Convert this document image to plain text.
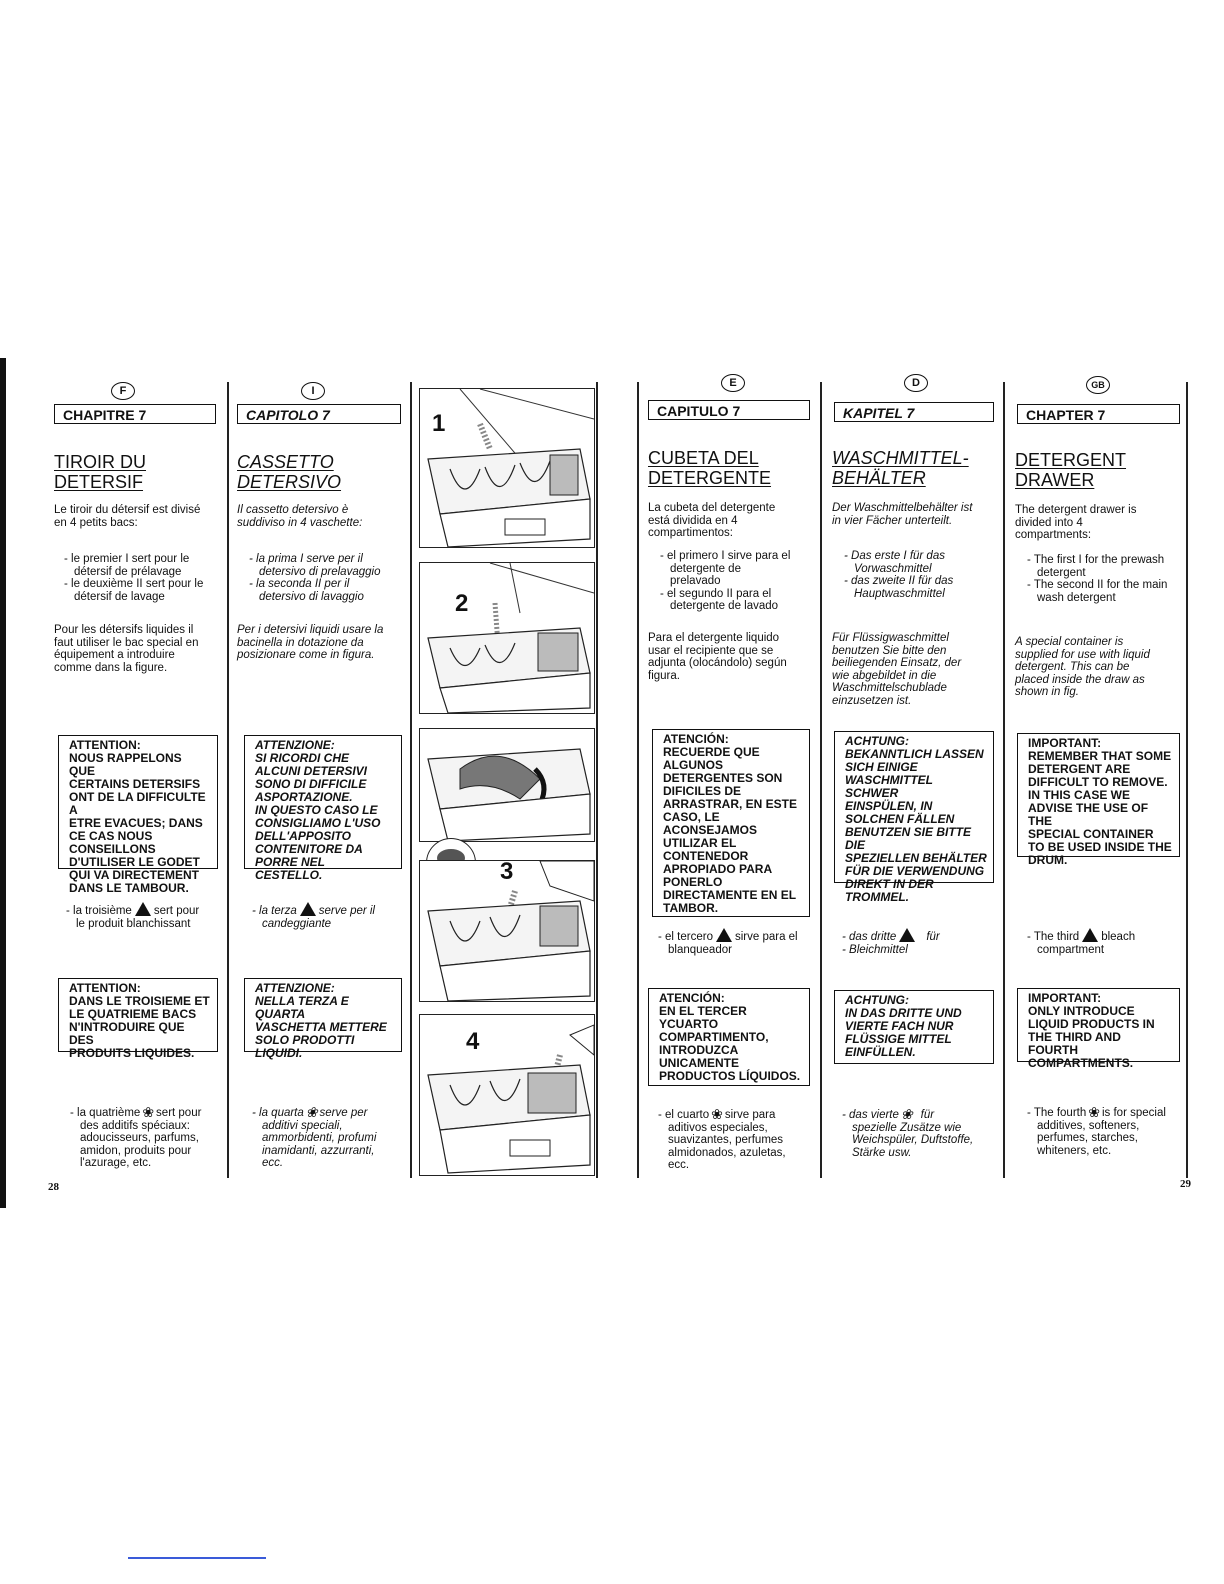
F
CHAPITRE 7
TIROIR DU DETERSIF
Le tiroir du détersif est divisé
en 4 petits bacs:
- le premier I sert pour le
détersif de prélavage
- le deuxième II sert pour le
détersif de lavage
Pour les détersifs liquides il
faut utiliser le bac special en
équipement a introduire
comme dans la figure.
ATTENTION:
NOUS RAPPELONS QUE
CERTAINS DETERSIFS
ONT DE LA DIFFICULTE A
ETRE EVACUES; DANS
CE CAS NOUS
CONSEILLONS
D'UTILISER LE GODET
QUI VA DIRECTEMENT
DANS LE TAMBOUR.
- la troisième sert pour
le produit blanchissant
ATTENTION:
DANS LE TROISIEME ET
LE QUATRIEME BACS
N'INTRODUIRE QUE DES
PRODUITS LIQUIDES.
- la quatrième ❀ sert pour
des additifs spéciaux:
adoucisseurs, parfums,
amidon, produits pour
l'azurage, etc.
I
CAPITOLO 7
CASSETTO
DETERSIVO
Il cassetto detersivo è
suddiviso in 4 vaschette:
- la prima I serve per il
detersivo di prelavaggio
- la seconda II per il
detersivo di lavaggio
Per i detersivi liquidi usare la
bacinella in dotazione da
posizionare come in figura.
ATTENZIONE:
SI RICORDI CHE
ALCUNI DETERSIVI
SONO DI DIFFICILE
ASPORTAZIONE.
IN QUESTO CASO LE
CONSIGLIAMO L'USO
DELL'APPOSITO
CONTENITORE DA
PORRE NEL CESTELLO.
- la terza serve per il
candeggiante
ATTENZIONE:
NELLA TERZA E QUARTA
VASCHETTA METTERE
SOLO PRODOTTI
LIQUIDI.
- la quarta ❀ serve per
additivi speciali,
ammorbidenti, profumi
inamidanti, azzurranti,
ecc.
1
2
3
4
E
CAPITULO 7
CUBETA DEL
DETERGENTE
La cubeta del detergente
está dividida en 4
compartimentos:
- el primero I sirve para el
detergente de
prelavado
- el segundo II para el
detergente de lavado
Para el detergente liquido
usar el recipiente que se
adjunta (olocándolo) según
figura.
ATENCIÓN:
RECUERDE QUE
ALGUNOS
DETERGENTES SON
DIFICILES DE
ARRASTRAR, EN ESTE
CASO, LE
ACONSEJAMOS
UTILIZAR EL
CONTENEDOR
APROPIADO PARA
PONERLO
DIRECTAMENTE EN EL
TAMBOR.
- el tercero sirve para el
blanqueador
ATENCIÓN:
EN EL TERCER
YCUARTO
COMPARTIMENTO,
INTRODUZCA
UNICAMENTE
PRODUCTOS LÍQUIDOS.
- el cuarto ❀ sirve para
aditivos especiales,
suavizantes, perfumes
almidonados, azuletas,
ecc.
D
KAPITEL 7
WASCHMITTEL-
BEHÄLTER
Der Waschmittelbehälter ist
in vier Fächer unterteilt.
- Das erste I für das
Vorwaschmittel
- das zweite II für das
Hauptwaschmittel
Für Flüssigwaschmittel
benutzen Sie bitte den
beiliegenden Einsatz, der
wie abgebildet in die
Waschmittelschublade
einzusetzen ist.
ACHTUNG:
BEKANNTLICH LASSEN
SICH EINIGE
WASCHMITTEL SCHWER
EINSPÜLEN, IN
SOLCHEN FÄLLEN
BENUTZEN SIE BITTE DIE
SPEZIELLEN BEHÄLTER
FÜR DIE VERWENDUNG
DIREKT IN DER
TROMMEL.
- das dritte	für
- Bleichmittel
ACHTUNG:
IN DAS DRITTE UND
VIERTE FACH NUR
FLÜSSIGE MITTEL
EINFÜLLEN.
- das vierte ❀ für
spezielle Zusätze wie
Weichspüler, Duftstoffe,
Stärke usw.
GB
CHAPTER 7
DETERGENT
DRAWER
The detergent drawer is
divided into 4
compartments:
- The first I for the prewash
detergent
- The second II for the main
wash detergent
A special container is
supplied for use with liquid
detergent. This can be
placed inside the draw as
shown in fig.
IMPORTANT:
REMEMBER THAT SOME
DETERGENT ARE
DIFFICULT TO REMOVE.
IN THIS CASE WE
ADVISE THE USE OF THE
SPECIAL CONTAINER
TO BE USED INSIDE THE
DRUM.
- The third bleach
compartment
IMPORTANT:
ONLY INTRODUCE
LIQUID PRODUCTS IN
THE THIRD AND FOURTH
COMPARTMENTS.
- The fourth ❀ is for special
additives, softeners,
perfumes, starches,
whiteners, etc.
28	29
